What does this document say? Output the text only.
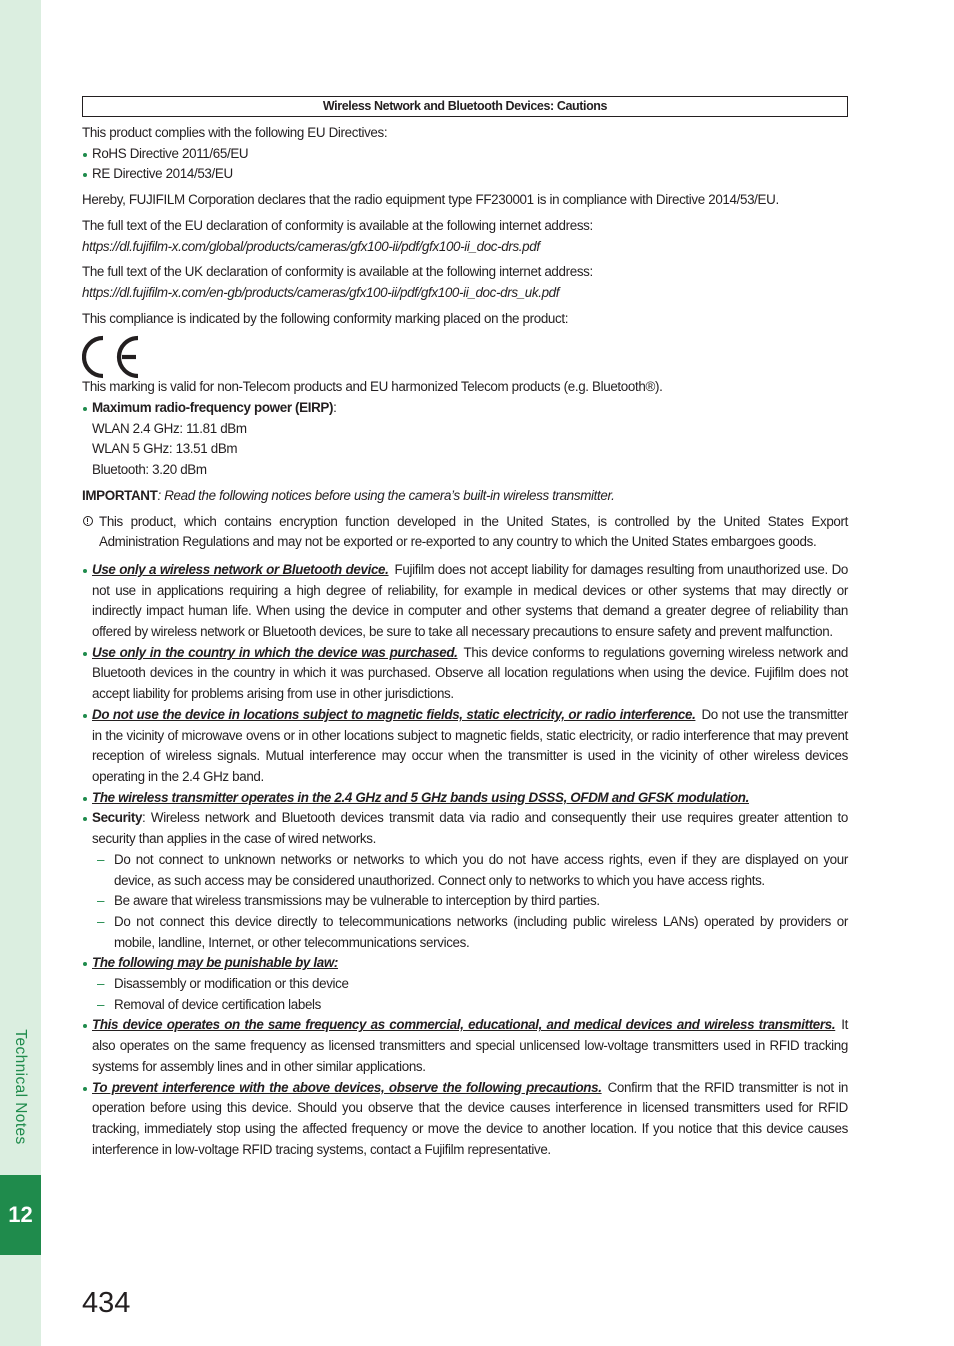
Technical Notes
12
434
Wireless Network and Bluetooth Devices: Cautions

This product complies with the following EU Directives:

RoHS Directive 2011/65/EU
RE Directive 2014/53/EU

Hereby, FUJIFILM Corporation declares that the radio equipment type FF230001 is in compliance with Directive 2014/53/EU.

The full text of the EU declaration of conformity is available at the following internet address:

https://dl.fujifilm-x.com/global/products/cameras/gfx100-ii/pdf/gfx100-ii_doc-drs.pdf

The full text of the UK declaration of conformity is available at the following internet address:

https://dl.fujifilm-x.com/en-gb/products/cameras/gfx100-ii/pdf/gfx100-ii_doc-drs_uk.pdf

This compliance is indicated by the following conformity marking placed on the product:

This marking is valid for non-Telecom products and EU harmonized Telecom products (e.g. Bluetooth®).

Maximum radio-frequency power (EIRP):
WLAN 2.4 GHz: 11.81 dBm
WLAN 5 GHz: 13.51 dBm
Bluetooth: 3.20 dBm

IMPORTANT: Read the following notices before using the camera’s built-in wireless transmitter.

This product, which contains encryption function developed in the United States, is controlled by the United States Export Administration Regulations and may not be exported or re-exported to any country to which the United States embargoes goods.
Use only a wireless network or Bluetooth device. Fujifilm does not accept liability for damages resulting from unauthorized use. Do not use in applications requiring a high degree of reliability, for example in medical devices or other systems that may directly or indirectly impact human life. When using the device in computer and other systems that demand a greater degree of reliability than offered by wireless network or Bluetooth devices, be sure to take all necessary precautions to ensure safety and prevent malfunction.
Use only in the country in which the device was purchased. This device conforms to regulations governing wireless network and Bluetooth devices in the country in which it was purchased. Observe all location regulations when using the device. Fujifilm does not accept liability for problems arising from use in other jurisdictions.
Do not use the device in locations subject to magnetic fields, static electricity, or radio interference. Do not use the transmitter in the vicinity of microwave ovens or in other locations subject to magnetic fields, static electricity, or radio interference that may prevent reception of wireless signals. Mutual interference may occur when the transmitter is used in the vicinity of other wireless devices operating in the 2.4 GHz band.
The wireless transmitter operates in the 2.4 GHz and 5 GHz bands using DSSS, OFDM and GFSK modulation.
Security: Wireless network and Bluetooth devices transmit data via radio and consequently their use requires greater attention to security than applies in the case of wired networks.
– Do not connect to unknown networks or networks to which you do not have access rights, even if they are displayed on your device, as such access may be considered unauthorized. Connect only to networks to which you have access rights.
– Be aware that wireless transmissions may be vulnerable to interception by third parties.
– Do not connect this device directly to telecommunications networks (including public wireless LANs) operated by providers or mobile, landline, Internet, or other telecommunications services.
The following may be punishable by law:
– Disassembly or modification or this device
– Removal of device certification labels
This device operates on the same frequency as commercial, educational, and medical devices and wireless transmitters. It also operates on the same frequency as licensed transmitters and special unlicensed low-voltage transmitters used in RFID tracking systems for assembly lines and in other similar applications.
To prevent interference with the above devices, observe the following precautions. Confirm that the RFID transmitter is not in operation before using this device. Should you observe that the device causes interference in licensed transmitters used for RFID tracking, immediately stop using the affected frequency or move the device to another location. If you notice that this device causes interference in low-voltage RFID tracing systems, contact a Fujifilm representative.
